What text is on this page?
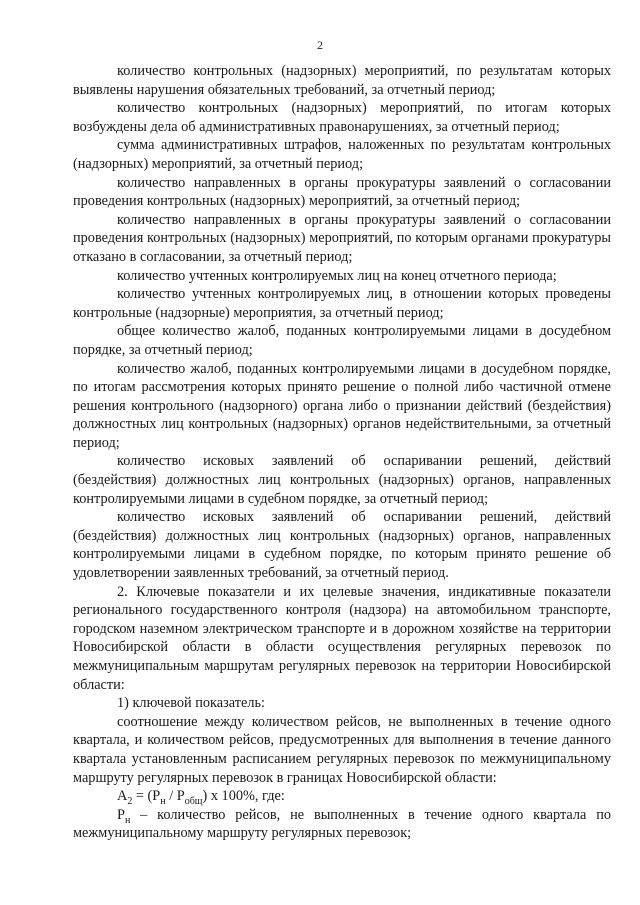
2

количество контрольных (надзорных) мероприятий, по результатам которых выявлены нарушения обязательных требований, за отчетный период;

количество контрольных (надзорных) мероприятий, по итогам которых возбуждены дела об административных правонарушениях, за отчетный период;

сумма административных штрафов, наложенных по результатам контрольных (надзорных) мероприятий, за отчетный период;

количество направленных в органы прокуратуры заявлений о согласовании проведения контрольных (надзорных) мероприятий, за отчетный период;

количество направленных в органы прокуратуры заявлений о согласовании проведения контрольных (надзорных) мероприятий, по которым органами прокуратуры отказано в согласовании, за отчетный период;

количество учтенных контролируемых лиц на конец отчетного периода;

количество учтенных контролируемых лиц, в отношении которых проведены контрольные (надзорные) мероприятия, за отчетный период;

общее количество жалоб, поданных контролируемыми лицами в досудебном порядке, за отчетный период;

количество жалоб, поданных контролируемыми лицами в досудебном порядке, по итогам рассмотрения которых принято решение о полной либо частичной отмене решения контрольного (надзорного) органа либо о признании действий (бездействия) должностных лиц контрольных (надзорных) органов недействительными, за отчетный период;

количество исковых заявлений об оспаривании решений, действий (бездействия) должностных лиц контрольных (надзорных) органов, направленных контролируемыми лицами в судебном порядке, за отчетный период;

количество исковых заявлений об оспаривании решений, действий (бездействия) должностных лиц контрольных (надзорных) органов, направленных контролируемыми лицами в судебном порядке, по которым принято решение об удовлетворении заявленных требований, за отчетный период.

2. Ключевые показатели и их целевые значения, индикативные показатели регионального государственного контроля (надзора) на автомобильном транспорте, городском наземном электрическом транспорте и в дорожном хозяйстве на территории Новосибирской области в области осуществления регулярных перевозок по межмуниципальным маршрутам регулярных перевозок на территории Новосибирской области:

1) ключевой показатель:

соотношение между количеством рейсов, не выполненных в течение одного квартала, и количеством рейсов, предусмотренных для выполнения в течение данного квартала установленным расписанием регулярных перевозок по межмуниципальному маршруту регулярных перевозок в границах Новосибирской области:

$A_2 = (P_н / P_{общ})$ x 100%, где:

$P_н$ – количество рейсов, не выполненных в течение одного квартала по межмуниципальному маршруту регулярных перевозок;
